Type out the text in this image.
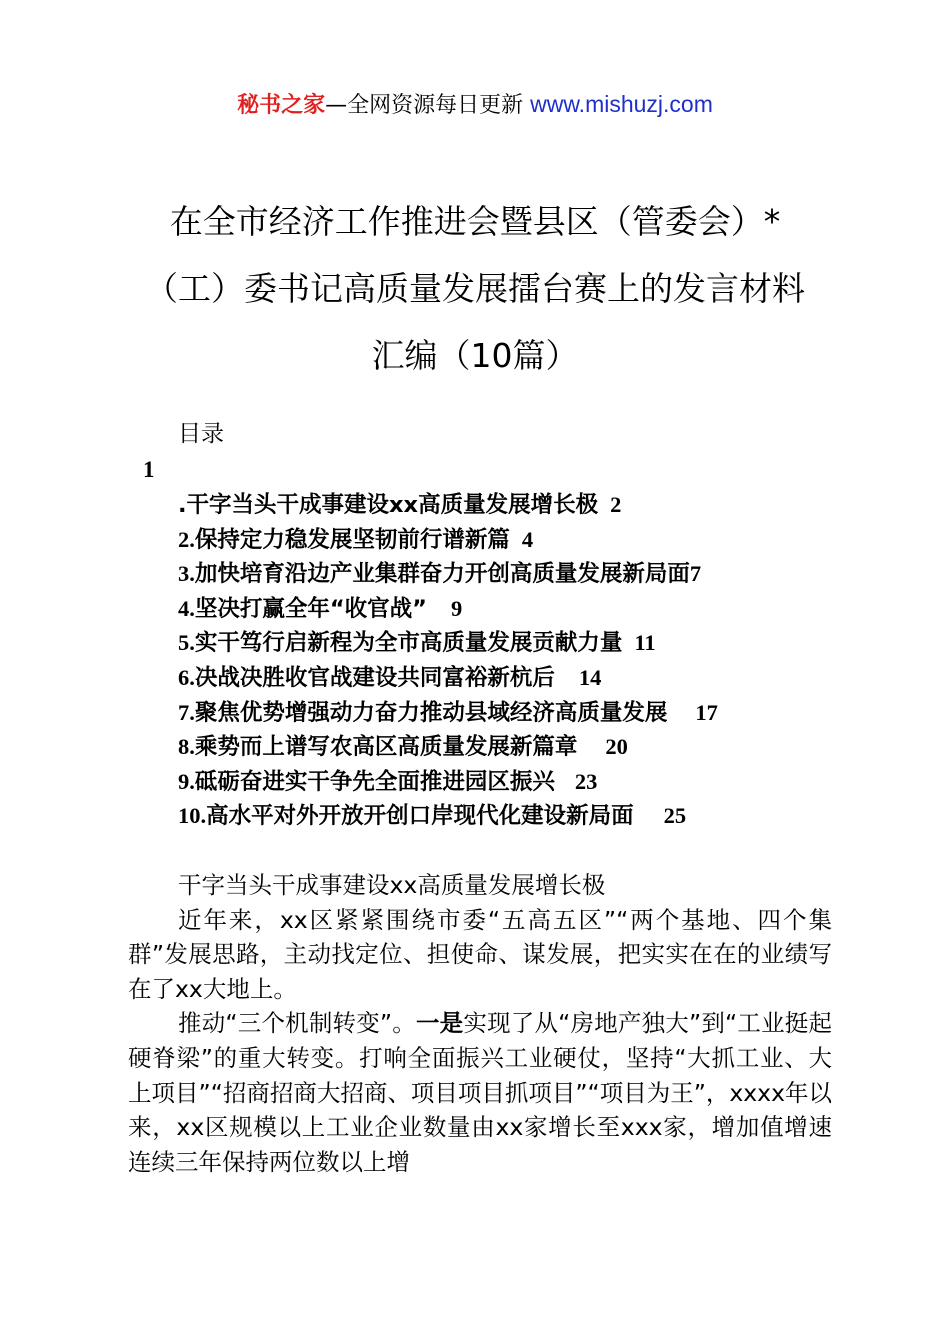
秘书之家—全网资源每日更新 www.mishuzj.com
在全市经济工作推进会暨县区（管委会）*
（工）委书记高质量发展擂台赛上的发言材料
汇编（10篇）
目录
1
.干字当头干成事建设xx高质量发展增长极 2
2.保持定力稳发展坚韧前行谱新篇 4
3.加快培育沿边产业集群奋力开创高质量发展新局面7
4.坚决打赢全年“收官战” 9
5.实干笃行启新程为全市高质量发展贡献力量 11
6.决战决胜收官战建设共同富裕新杭后 14
7.聚焦优势增强动力奋力推动县域经济高质量发展 17
8.乘势而上谱写农高区高质量发展新篇章 20
9.砥砺奋进实干争先全面推进园区振兴 23
10.高水平对外开放开创口岸现代化建设新局面 25

干字当头干成事建设xx高质量发展增长极

近年来，xx区紧紧围绕市委“五高五区”“两个基地、四个集群”发展思路，主动找定位、担使命、谋发展，把实实在在的业绩写在了xx大地上。

推动“三个机制转变”。一是实现了从“房地产独大”到“工业挺起硬脊梁”的重大转变。打响全面振兴工业硬仗，坚持“大抓工业、大上项目”“招商招商大招商、项目项目抓项目”“项目为王”，xxxx年以来，xx区规模以上工业企业数量由xx家增长至xxx家，增加值增速连续三年保持两位数以上增
